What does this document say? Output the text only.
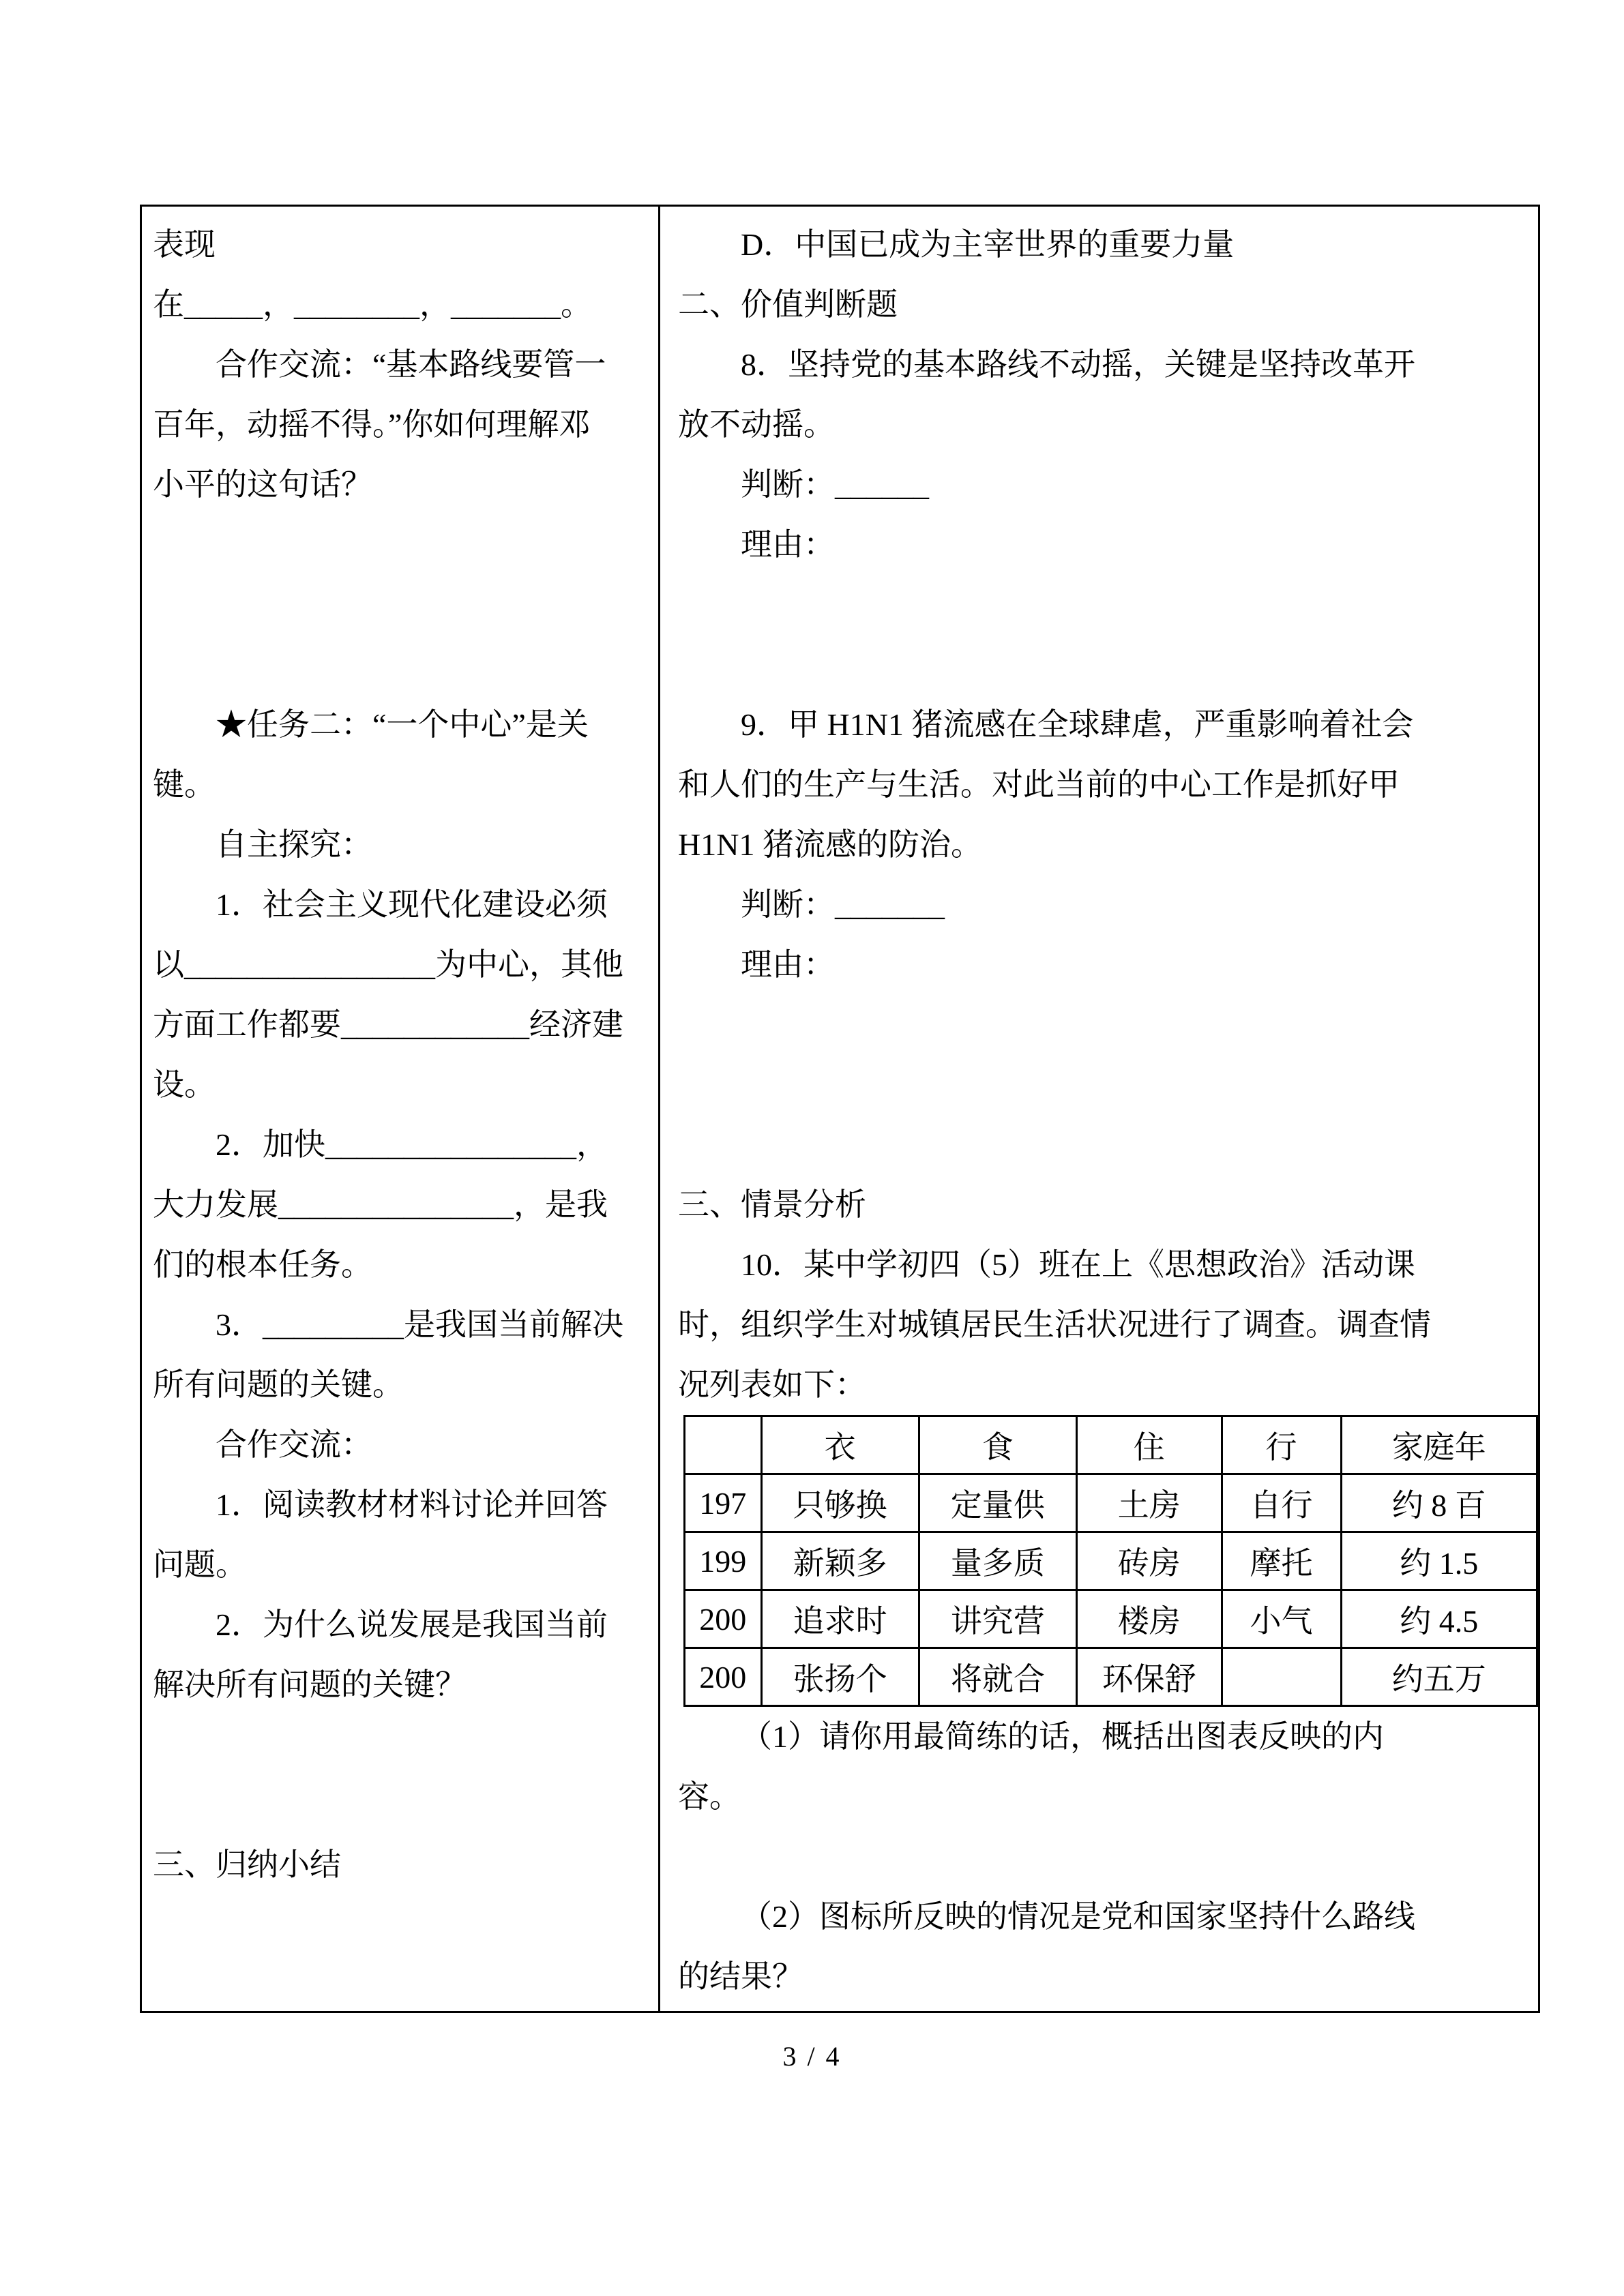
表现
在_____，________，_______。
合作交流：“基本路线要管一
百年，动摇不得。”你如何理解邓
小平的这句话？
★任务二：“一个中心”是关
键。
自主探究：
1．社会主义现代化建设必须
以________________为中心，其他
方面工作都要____________经济建
设。
2．加快________________，
大力发展_______________，是我
们的根本任务。
3．_________是我国当前解决
所有问题的关键。
合作交流：
1．阅读教材材料讨论并回答
问题。
2．为什么说发展是我国当前
解决所有问题的关键？
三、归纳小结
D．中国已成为主宰世界的重要力量
二、价值判断题
8．坚持党的基本路线不动摇，关键是坚持改革开
放不动摇。
判断：______
理由：
9．甲 H1N1 猪流感在全球肆虐，严重影响着社会
和人们的生产与生活。对此当前的中心工作是抓好甲
H1N1 猪流感的防治。
判断：_______
理由：
三、情景分析
10．某中学初四（5）班在上《思想政治》活动课
时，组织学生对城镇居民生活状况进行了调查。调查情
况列表如下：
	衣	食	住	行	家庭年
197	只够换	定量供	土房	自行	约 8 百
199	新颖多	量多质	砖房	摩托	约 1.5
200	追求时	讲究营	楼房	小气	约 4.5
200	张扬个	将就合	环保舒		约五万
（1）请你用最简练的话，概括出图表反映的内
容。
（2）图标所反映的情况是党和国家坚持什么路线
的结果？
3 / 4
